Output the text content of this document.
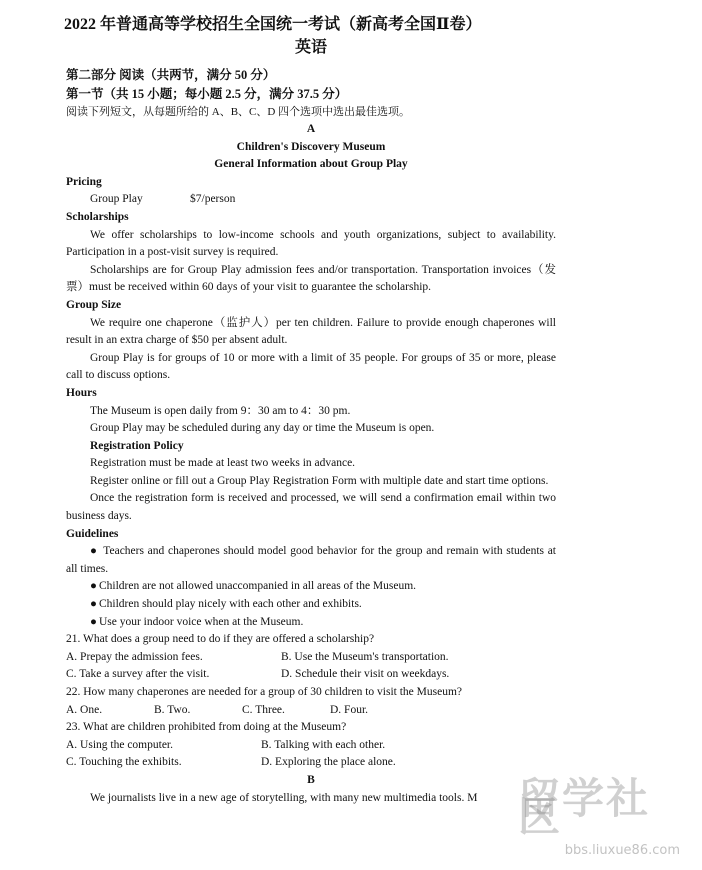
2022 年普通高等学校招生全国统一考试（新高考全国Ⅱ卷）
英语
第二部分 阅读（共两节，满分 50 分）
第一节（共 15 小题；每小题 2.5 分，满分 37.5 分）
阅读下列短文，从每题所给的 A、B、C、D 四个选项中选出最佳选项。
A
Children's Discovery Museum
General Information about Group Play
Pricing
Group Play	$7/person
Scholarships

We offer scholarships to low-income schools and youth organizations, subject to availability. Participation in a post-visit survey is required.

Scholarships are for Group Play admission fees and/or transportation. Transportation invoices（发票）must be received within 60 days of your visit to guarantee the scholarship.

Group Size

We require one chaperone（监护人）per ten children. Failure to provide enough chaperones will result in an extra charge of $50 per absent adult.

Group Play is for groups of 10 or more with a limit of 35 people. For groups of 35 or more, please call to discuss options.

Hours

The Museum is open daily from 9：30 am to 4：30 pm.

Group Play may be scheduled during any day or time the Museum is open.

Registration Policy

Registration must be made at least two weeks in advance.

Register online or fill out a Group Play Registration Form with multiple date and start time options.

Once the registration form is received and processed, we will send a confirmation email within two business days.

Guidelines

● Teachers and chaperones should model good behavior for the group and remain with students at all times.

● Children are not allowed unaccompanied in all areas of the Museum.

● Children should play nicely with each other and exhibits.

● Use your indoor voice when at the Museum.

21. What does a group need to do if they are offered a scholarship?
A. Prepay the admission fees.	B. Use the Museum's transportation.
C. Take a survey after the visit.	D. Schedule their visit on weekdays.
22. How many chaperones are needed for a group of 30 children to visit the Museum?
A. One.	B. Two.	C. Three.	D. Four.
23. What are children prohibited from doing at the Museum?
A. Using the computer.	B. Talking with each other.
C. Touching the exhibits.	D. Exploring the place alone.
B

We journalists live in a new age of storytelling, with many new multimedia tools. M 留学社区
bbs.liuxue86.com
